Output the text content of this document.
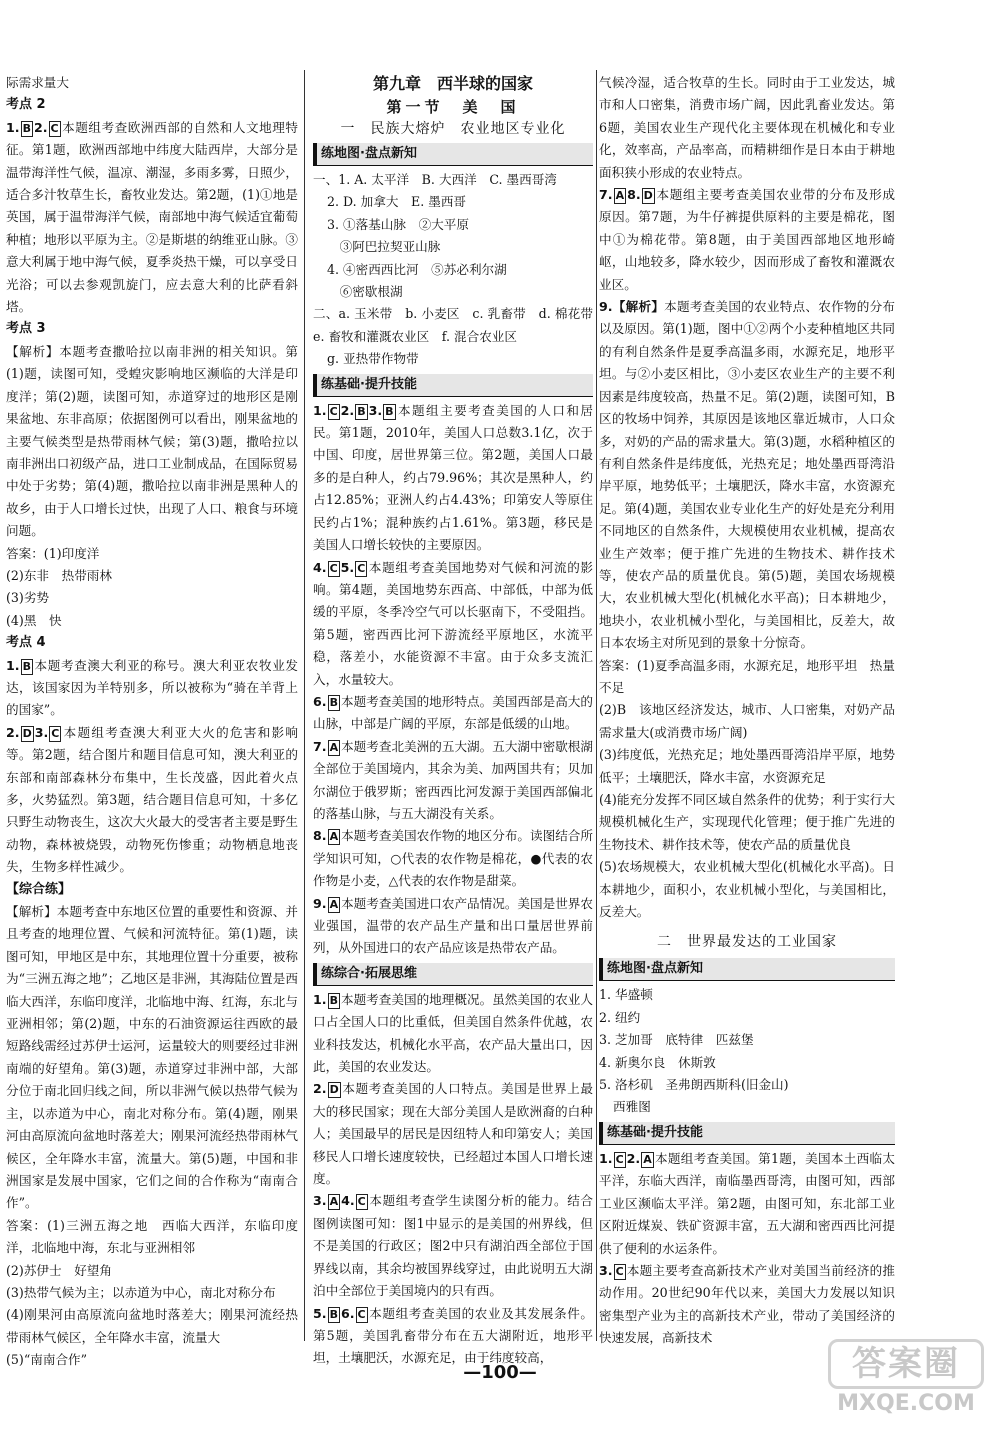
际需求量大

考点 2

1. B 2. C 本题组考查欧洲西部的自然和人文地理特征。第1题，欧洲西部地中纬度大陆西岸，大部分是温带海洋性气候，温凉、潮湿，多雨多雾，日照少，适合多汁牧草生长，畜牧业发达。第2题，(1)①地是英国，属于温带海洋气候，南部地中海气候适宜葡萄种植；地形以平原为主。②是斯堪的纳维亚山脉。③意大利属于地中海气候，夏季炎热干燥，可以享受日光浴；可以去参观凯旋门，应去意大利的比萨看斜塔。

考点 3

【解析】本题考查撒哈拉以南非洲的相关知识。第(1)题，读图可知，受蝗灾影响地区濒临的大洋是印度洋；第(2)题，读图可知，赤道穿过的地形区是刚果盆地、东非高原；依据图例可以看出，刚果盆地的主要气候类型是热带雨林气候；第(3)题，撒哈拉以南非洲出口初级产品，进口工业制成品，在国际贸易中处于劣势；第(4)题，撒哈拉以南非洲是黑种人的故乡，由于人口增长过快，出现了人口、粮食与环境问题。

答案：(1)印度洋

(2)东非　热带雨林

(3)劣势

(4)黑　快

考点 4

1. B 本题考查澳大利亚的称号。澳大利亚农牧业发达，该国家因为羊特别多，所以被称为“骑在羊背上的国家”。

2. D 3. C 本题组考查澳大利亚大火的危害和影响等。第2题，结合图片和题目信息可知，澳大利亚的东部和南部森林分布集中，生长茂盛，因此着火点多，火势猛烈。第3题，结合题目信息可知，十多亿只野生动物丧生，这次大火最大的受害者主要是野生动物，森林被烧毁，动物死伤惨重；动物栖息地丧失，生物多样性减少。

【综合练】

【解析】本题考查中东地区位置的重要性和资源、并且考查的地理位置、气候和河流特征。第(1)题，读图可知，甲地区是中东，其地理位置十分重要，被称为“三洲五海之地”；乙地区是非洲，其海陆位置是西临大西洋，东临印度洋，北临地中海、红海，东北与亚洲相邻；第(2)题，中东的石油资源运往西欧的最短路线需经过苏伊士运河，运量较大的则要经过非洲南端的好望角。第(3)题，赤道穿过非洲中部，大部分位于南北回归线之间，所以非洲气候以热带气候为主，以赤道为中心，南北对称分布。第(4)题，刚果河由高原流向盆地时落差大；刚果河流经热带雨林气候区，全年降水丰富，流量大。第(5)题，中国和非洲国家是发展中国家，它们之间的合作称为“南南合作”。

答案：(1)三洲五海之地　西临大西洋，东临印度洋，北临地中海，东北与亚洲相邻

(2)苏伊士　好望角

(3)热带气候为主；以赤道为中心，南北对称分布

(4)刚果河由高原流向盆地时落差大；刚果河流经热带雨林气候区，全年降水丰富，流量大

(5)“南南合作”

第九章　西半球的国家
第一节　美　国
一　民族大熔炉　农业地区专业化
练地图·盘点新知

一、1. A. 太平洋　B. 大西洋　C. 墨西哥湾

2. D. 加拿大　E. 墨西哥

3. ①落基山脉　②大平原

　③阿巴拉契亚山脉

4. ④密西西比河　⑤苏必利尔湖

　⑥密歇根湖

二、a. 玉米带　b. 小麦区　c. 乳畜带　d. 棉花带　e. 畜牧和灌溉农业区　f. 混合农业区

g. 亚热带作物带

练基础·提升技能

1. C 2. B 3. B 本题组主要考查美国的人口和居民。第1题，2010年，美国人口总数3.1亿，次于中国、印度，居世界第三位。第2题，美国人口最多的是白种人，约占79.96%；其次是黑种人，约占12.85%；亚洲人约占4.43%；印第安人等原住民约占1%；混种族约占1.61%。第3题，移民是美国人口增长较快的主要原因。

4. C 5. C 本题组考查美国地势对气候和河流的影响。第4题，美国地势东西高、中部低，中部为低缓的平原，冬季冷空气可以长驱南下，不受阻挡。第5题，密西西比河下游流经平原地区，水流平稳，落差小，水能资源不丰富。由于众多支流汇入，水量较大。

6. B 本题考查美国的地形特点。美国西部是高大的山脉，中部是广阔的平原，东部是低缓的山地。

7. A 本题考查北美洲的五大湖。五大湖中密歇根湖全部位于美国境内，其余为美、加两国共有；贝加尔湖位于俄罗斯；密西西比河发源于美国西部偏北的落基山脉，与五大湖没有关系。

8. A 本题考查美国农作物的地区分布。读图结合所学知识可知，○代表的农作物是棉花，●代表的农作物是小麦，△代表的农作物是甜菜。

9. A 本题考查美国进口农产品情况。美国是世界农业强国，温带的农产品生产量和出口量居世界前列，从外国进口的农产品应该是热带农产品。

练综合·拓展思维

1. B 本题考查美国的地理概况。虽然美国的农业人口占全国人口的比重低，但美国自然条件优越，农业科技发达，机械化水平高，农产品大量出口，因此，美国的农业发达。

2. D 本题考查美国的人口特点。美国是世界上最大的移民国家；现在大部分美国人是欧洲裔的白种人；美国最早的居民是因纽特人和印第安人；美国移民人口增长速度较快，已经超过本国人口增长速度。

3. A 4. C 本题组考查学生读图分析的能力。结合图例读图可知：图1中显示的是美国的州界线，但不是美国的行政区；图2中只有湖泊西全部位于国界线以南，其余均被国界线穿过，由此说明五大湖泊中全部位于美国境内的只有西。

5. B 6. C 本题组考查美国的农业及其发展条件。第5题，美国乳畜带分布在五大湖附近，地形平坦，土壤肥沃，水源充足，由于纬度较高，

气候冷湿，适合牧草的生长。同时由于工业发达，城市和人口密集，消费市场广阔，因此乳畜业发达。第6题，美国农业生产现代化主要体现在机械化和专业化，效率高，产品率高，而精耕细作是日本由于耕地面积狭小形成的农业特点。

7. A 8. D 本题组主要考查美国农业带的分布及形成原因。第7题，为牛仔裤提供原料的主要是棉花，图中①为棉花带。第8题，由于美国西部地区地形崎岖，山地较多，降水较少，因而形成了畜牧和灌溉农业区。

9.【解析】本题考查美国的农业特点、农作物的分布以及原因。第(1)题，图中①②两个小麦种植地区共同的有利自然条件是夏季高温多雨，水源充足，地形平坦。与②小麦区相比，③小麦区农业生产的主要不利因素是纬度较高，热量不足。第(2)题，读图可知，B区的牧场中饲养，其原因是该地区靠近城市，人口众多，对奶的产品的需求量大。第(3)题，水稻种植区的有利自然条件是纬度低，光热充足；地处墨西哥湾沿岸平原，地势低平；土壤肥沃，降水丰富，水资源充足。第(4)题，美国农业专业化生产的好处是充分利用不同地区的自然条件，大规模使用农业机械，提高农业生产效率；便于推广先进的生物技术、耕作技术等，使农产品的质量优良。第(5)题，美国农场规模大，农业机械大型化(机械化水平高)；日本耕地少，地块小，农业机械小型化，与美国相比，反差大，故日本农场主对所见到的景象十分惊奇。

答案：(1)夏季高温多雨，水源充足，地形平坦　热量不足

(2)B　该地区经济发达，城市、人口密集，对奶产品需求量大(或消费市场广阔)

(3)纬度低，光热充足；地处墨西哥湾沿岸平原，地势低平；土壤肥沃，降水丰富，水资源充足

(4)能充分发挥不同区域自然条件的优势；利于实行大规模机械化生产，实现现代化管理；便于推广先进的生物技术、耕作技术等，使农产品的质量优良

(5)农场规模大，农业机械大型化(机械化水平高)。日本耕地少，面积小，农业机械小型化，与美国相比，反差大。

二　世界最发达的工业国家
练地图·盘点新知

1. 华盛顿

2. 纽约

3. 芝加哥　底特律　匹兹堡

4. 新奥尔良　休斯敦

5. 洛杉矶　圣弗朗西斯科(旧金山)

西雅图

练基础·提升技能

1. C 2. A 本题组考查美国。第1题，美国本土西临太平洋，东临大西洋，南临墨西哥湾，由图可知，西部工业区濒临太平洋。第2题，由图可知，东北部工业区附近煤炭、铁矿资源丰富，五大湖和密西西比河提供了便利的水运条件。

3. C 本题主要考查高新技术产业对美国当前经济的推动作用。20世纪90年代以来，美国大力发展以知识密集型产业为主的高新技术产业，带动了美国经济的快速发展，高新技术

—100—	答案圈
MXQE.COM
